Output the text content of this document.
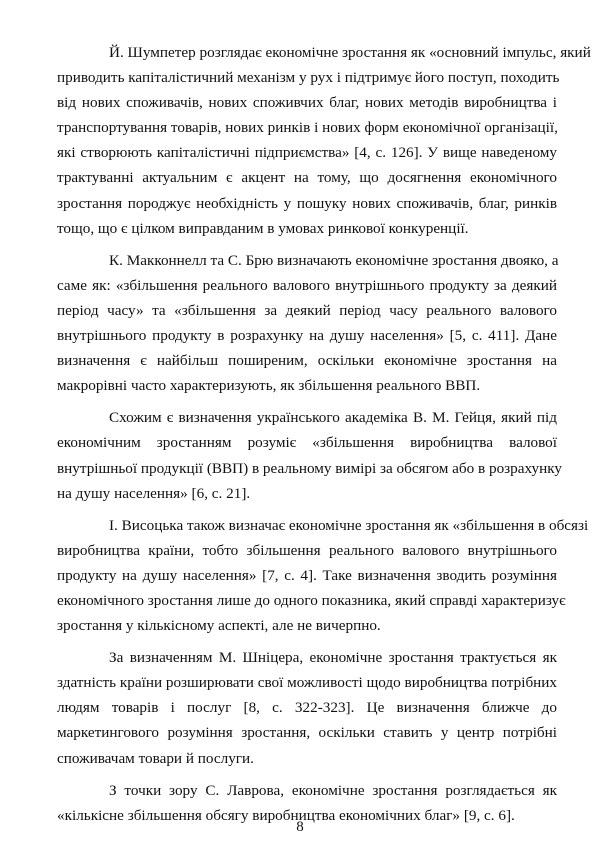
Й. Шумпетер розглядає економічне зростання як «основний імпульс, який
приводить капіталістичний механізм у рух і підтримує його поступ, походить
від нових споживачів, нових споживчих благ, нових методів виробництва і
транспортування товарів, нових ринків і нових форм економічної організації,
які створюють капіталістичні підприємства» [4, с. 126]. У вище наведеному
трактуванні актуальним є акцент на тому, що досягнення економічного
зростання породжує необхідність у пошуку нових споживачів, благ, ринків
тощо, що є цілком виправданим в умовах ринкової конкуренції.

К. Макконнелл та С. Брю визначають економічне зростання двояко, а
саме як: «збільшення реального валового внутрішнього продукту за деякий
період часу» та «збільшення за деякий період часу реального валового
внутрішнього продукту в розрахунку на душу населення» [5, с. 411]. Дане
визначення є найбільш поширеним, оскільки економічне зростання на
макрорівні часто характеризують, як збільшення реального ВВП.

Схожим є визначення українського академіка В. М. Гейця, який під
економічним зростанням розуміє «збільшення виробництва валової
внутрішньої продукції (ВВП) в реальному вимірі за обсягом або в розрахунку
на душу населення» [6, с. 21].

І. Висоцька також визначає економічне зростання як «збільшення в обсязі
виробництва країни, тобто збільшення реального валового внутрішнього
продукту на душу населення» [7, с. 4]. Таке визначення зводить розуміння
економічного зростання лише до одного показника, який справді характеризує
зростання у кількісному аспекті, але не вичерпно.

За визначенням М. Шніцера, економічне зростання трактується як
здатність країни розширювати свої можливості щодо виробництва потрібних
людям товарів і послуг [8, с. 322-323]. Це визначення ближче до
маркетингового розуміння зростання, оскільки ставить у центр потрібні
споживачам товари й послуги.

З точки зору С. Лаврова, економічне зростання розглядається як
«кількісне збільшення обсягу виробництва економічних благ» [9, с. 6].

8
